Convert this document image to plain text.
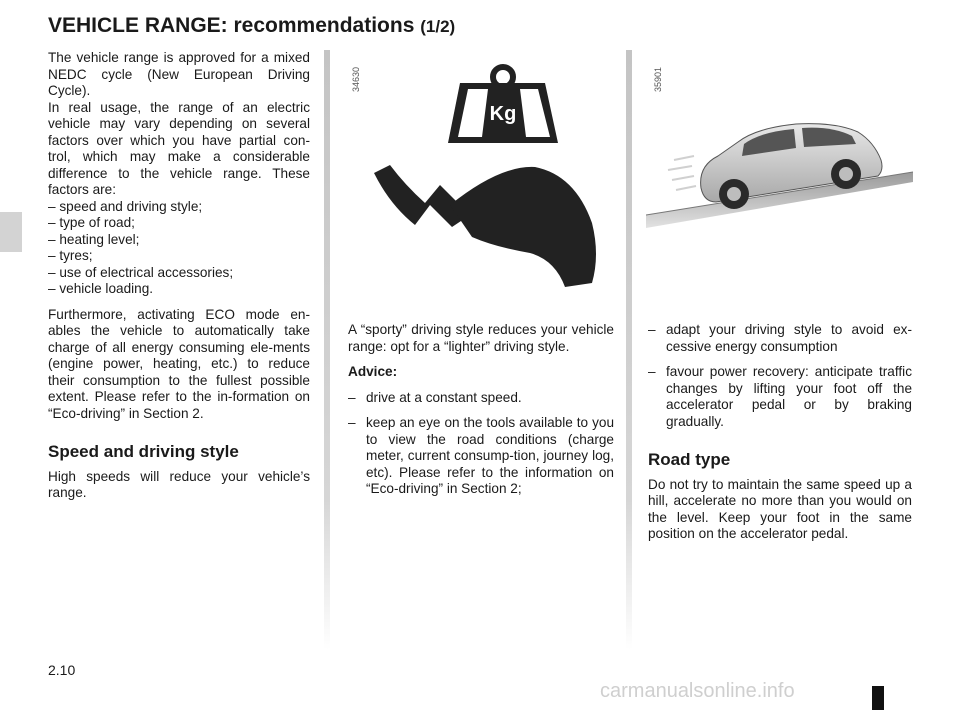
VEHICLE RANGE: recommendations (1/2)

The vehicle range is approved for a mixed NEDC cycle (New European Driving Cycle).

In real usage, the range of an electric vehicle may vary depending on several factors over which you have partial con-trol, which may make a considerable difference to the vehicle range. These factors are:

– speed and driving style;
– type of road;
– heating level;
– tyres;
– use of electrical accessories;
– vehicle loading.

Furthermore, activating ECO mode en-ables the vehicle to automatically take charge of all energy consuming ele-ments (engine power, heating, etc.) to reduce their consumption to the fullest possible extent. Please refer to the in-formation on “Eco-driving” in Section 2.

Speed and driving style

High speeds will reduce your vehicle’s range.

34630
Kg

A “sporty” driving style reduces your vehicle range: opt for a “lighter” driving style.

Advice:

– drive at a constant speed.
– keep an eye on the tools available to you to view the road conditions (charge meter, current consump-tion, journey log, etc). Please refer to the information on “Eco-driving” in Section 2;
35901
– adapt your driving style to avoid ex-cessive energy consumption
– favour power recovery: anticipate traffic changes by lifting your foot off the accelerator pedal or by braking gradually.
Road type

Do not try to maintain the same speed up a hill, accelerate no more than you would on the level. Keep your foot in the same position on the accelerator pedal.

2.10
carmanualsonline.info
